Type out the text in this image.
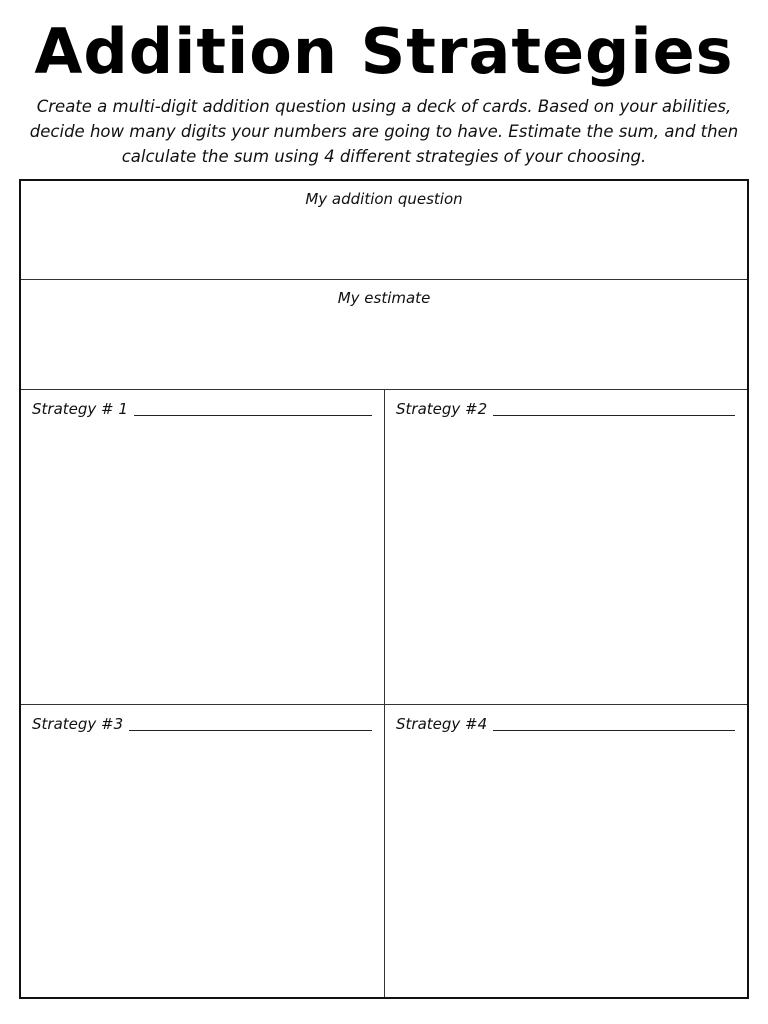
Addition Strategies
Create a multi-digit addition question using a deck of cards. Based on your abilities, decide how many digits your numbers are going to have. Estimate the sum, and then calculate the sum using 4 different strategies of your choosing.
My addition question
My estimate
Strategy # 1	Strategy #2
Strategy #3	Strategy #4
